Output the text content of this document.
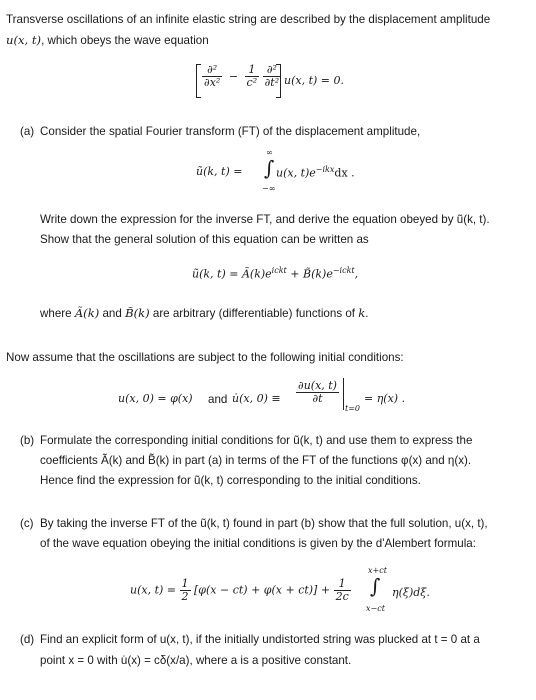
Transverse oscillations of an infinite elastic string are described by the displacement amplitude
u(x, t), which obeys the wave equation
$\frac{\text{∂²}}{\text{∂x²}} - \frac{1}{\text{c²}}$
$\frac{\text{∂²}}{\text{∂t²}} u(x$, t) = 0.
(a) Consider the spatial Fourier transform (FT) of the displacement amplitude,
ũ(k, t) =
∞
∫
−∞
u(x, $t)e^{-ikx}dx$ .
Write down the expression for the inverse FT, and derive the equation obeyed by ũ(k, t).
Show that the general solution of this equation can be written as
ũ(k, $t) = Ã(k)e^{ickt}$ + $B̃(k)e^{-ickt}$,
where Ã(k) and B̃(k) are arbitrary (differentiable) functions of k.
Now assume that the oscillations are subject to the following initial conditions:
u(x, 0) = φ(x) and u̇(x, $0) \equiv \frac{\partial u(x, t)}{\partial t}$
t=0
= η(x) .
(b) Formulate the corresponding initial conditions for ũ(k, t) and use them to express the
coefficients Ã(k) and B̃(k) in part (a) in terms of the FT of the functions φ(x) and η(x).
Hence find the expression for ũ(k, t) corresponding to the initial conditions.
(c) By taking the inverse FT of the ũ(k, t) found in part (b) show that the full solution, u(x, t),
of the wave equation obeying the initial conditions is given by the d'Alembert formula:
u(x, $t) = \frac{1}{2} [\varphi(x - ct) + \varphi(x + ct)] + \frac{1}{2c}$
x+ct
∫
x−ct
η(ξ)dξ.
(d) Find an explicit form of u(x, t), if the initially undistorted string was plucked at t = 0 at a
point x = 0 with u̇(x) = cδ(x/a), where a is a positive constant.
